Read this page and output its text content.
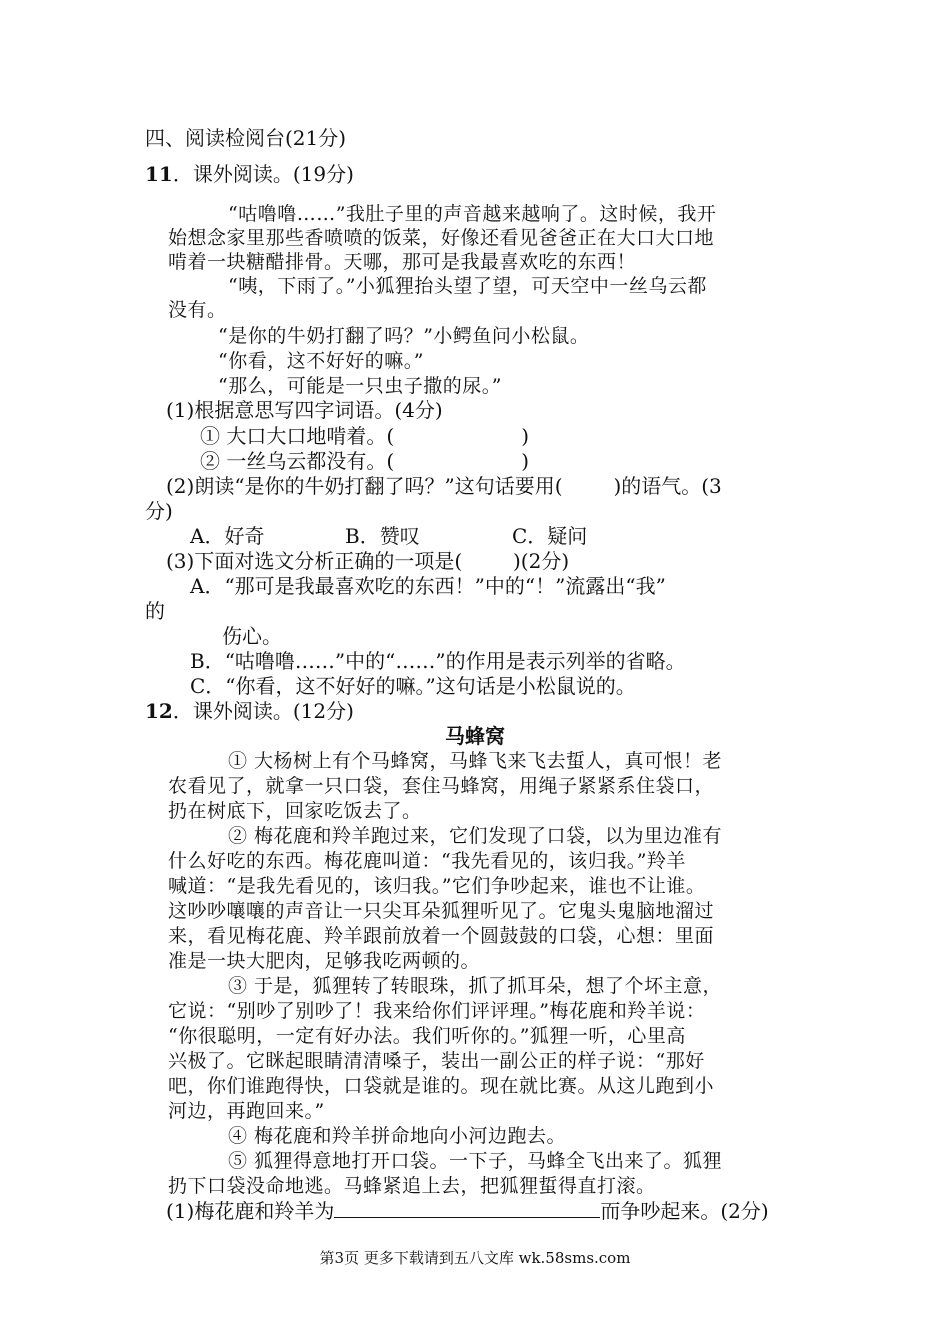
四、阅读检阅台(21分)
11．课外阅读。(19分)
“咕噜噜……”我肚子里的声音越来越响了。这时候，我开
始想念家里那些香喷喷的饭菜，好像还看见爸爸正在大口大口地
啃着一块糖醋排骨。天哪，那可是我最喜欢吃的东西！
“咦，下雨了。”小狐狸抬头望了望，可天空中一丝乌云都
没有。
“是你的牛奶打翻了吗？”小鳄鱼问小松鼠。
“你看，这不好好的嘛。”
“那么，可能是一只虫子撒的尿。”
(1)根据意思写四字词语。(4分)
① 大口大口地啃着。(                    )
② 一丝乌云都没有。(                    )
(2)朗读“是你的牛奶打翻了吗？”这句话要用(        )的语气。(3
分)
A．好奇	B．赞叹	C．疑问
(3)下面对选文分析正确的一项是(        )(2分)
A．“那可是我最喜欢吃的东西！”中的“！”流露出“我”
的
伤心。
B．“咕噜噜……”中的“……”的作用是表示列举的省略。
C．“你看，这不好好的嘛。”这句话是小松鼠说的。
12．课外阅读。(12分)
马蜂窝
① 大杨树上有个马蜂窝，马蜂飞来飞去蜇人，真可恨！老
农看见了，就拿一只口袋，套住马蜂窝，用绳子紧紧系住袋口，
扔在树底下，回家吃饭去了。
② 梅花鹿和羚羊跑过来，它们发现了口袋，以为里边准有
什么好吃的东西。梅花鹿叫道：“我先看见的，该归我。”羚羊
喊道：“是我先看见的，该归我。”它们争吵起来，谁也不让谁。
这吵吵嚷嚷的声音让一只尖耳朵狐狸听见了。它鬼头鬼脑地溜过
来，看见梅花鹿、羚羊跟前放着一个圆鼓鼓的口袋，心想：里面
准是一块大肥肉，足够我吃两顿的。
③ 于是，狐狸转了转眼珠，抓了抓耳朵，想了个坏主意，
它说：“别吵了别吵了！我来给你们评评理。”梅花鹿和羚羊说：
“你很聪明，一定有好办法。我们听你的。”狐狸一听，心里高
兴极了。它眯起眼睛清清嗓子，装出一副公正的样子说：“那好
吧，你们谁跑得快，口袋就是谁的。现在就比赛。从这儿跑到小
河边，再跑回来。”
④ 梅花鹿和羚羊拼命地向小河边跑去。
⑤ 狐狸得意地打开口袋。一下子，马蜂全飞出来了。狐狸
扔下口袋没命地逃。马蜂紧追上去，把狐狸蜇得直打滚。
(1)梅花鹿和羚羊为	而争吵起来。(2分)
第3页 更多下载请到五八文库 wk.58sms.com
